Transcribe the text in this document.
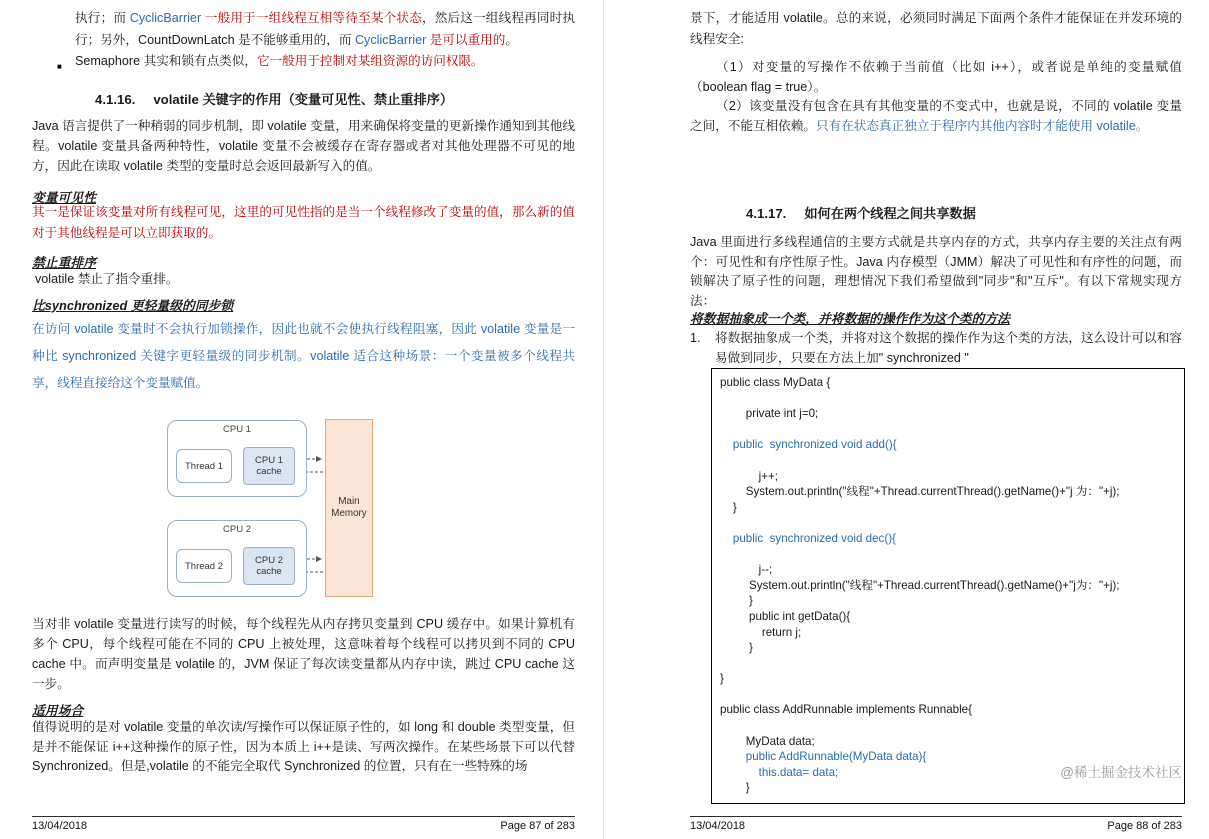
执行；而 CyclicBarrier 一般用于一组线程互相等待至某个状态，然后这一组线程再同时执行；另外，CountDownLatch 是不能够重用的，而 CyclicBarrier 是可以重用的。
■ Semaphore 其实和锁有点类似，它一般用于控制对某组资源的访问权限。
4.1.16. volatile 关键字的作用（变量可见性、禁止重排序）
Java 语言提供了一种稍弱的同步机制，即 volatile 变量，用来确保将变量的更新操作通知到其他线程。volatile 变量具备两种特性，volatile 变量不会被缓存在寄存器或者对其他处理器不可见的地方，因此在读取 volatile 类型的变量时总会返回最新写入的值。
变量可见性
其一是保证该变量对所有线程可见，这里的可见性指的是当一个线程修改了变量的值，那么新的值对于其他线程是可以立即获取的。
禁止重排序
volatile 禁止了指令重排。
比synchronized 更轻量级的同步锁
在访问 volatile 变量时不会执行加锁操作，因此也就不会使执行线程阻塞，因此 volatile 变量是一种比 synchronized 关键字更轻量级的同步机制。volatile 适合这种场景：一个变量被多个线程共享，线程直接给这个变量赋值。
CPU 1
Thread 1	CPU 1 cache
CPU 2
Thread 2	CPU 2 cache
Main Memory
当对非 volatile 变量进行读写的时候，每个线程先从内存拷贝变量到 CPU 缓存中。如果计算机有多个 CPU，每个线程可能在不同的 CPU 上被处理，这意味着每个线程可以拷贝到不同的 CPU cache 中。而声明变量是 volatile 的，JVM 保证了每次读变量都从内存中读，跳过 CPU cache 这一步。
适用场合
值得说明的是对 volatile 变量的单次读/写操作可以保证原子性的，如 long 和 double 类型变量，但是并不能保证 i++这种操作的原子性，因为本质上 i++是读、写两次操作。在某些场景下可以代替 Synchronized。但是,volatile 的不能完全取代 Synchronized 的位置，只有在一些特殊的场
13/04/2018	Page 87 of 283
景下，才能适用 volatile。总的来说，必须同时满足下面两个条件才能保证在并发环境的线程安全:
（1）对变量的写操作不依赖于当前值（比如 i++），或者说是单纯的变量赋值（boolean flag = true）。
（2）该变量没有包含在具有其他变量的不变式中，也就是说，不同的 volatile 变量之间，不能互相依赖。只有在状态真正独立于程序内其他内容时才能使用 volatile。
4.1.17. 如何在两个线程之间共享数据
Java 里面进行多线程通信的主要方式就是共享内存的方式，共享内存主要的关注点有两个：可见性和有序性原子性。Java 内存模型（JMM）解决了可见性和有序性的问题，而锁解决了原子性的问题，理想情况下我们希望做到"同步"和"互斥"。有以下常规实现方法：
将数据抽象成一个类，并将数据的操作作为这个类的方法
1. 将数据抽象成一个类，并将对这个数据的操作作为这个类的方法，这么设计可以和容易做到同步，只要在方法上加" synchronized "
public class MyData {

private int j=0;

public  synchronized void add(){

j++;
System.out.println("线程"+Thread.currentThread().getName()+"j 为："+j);
}

public  synchronized void dec(){

j--;
System.out.println("线程"+Thread.currentThread().getName()+"j为："+j);
}
public int getData(){
return j;
}

}

public class AddRunnable implements Runnable{

MyData data;
public AddRunnable(MyData data){
this.data= data;
}
@稀土掘金技术社区
13/04/2018	Page 88 of 283
